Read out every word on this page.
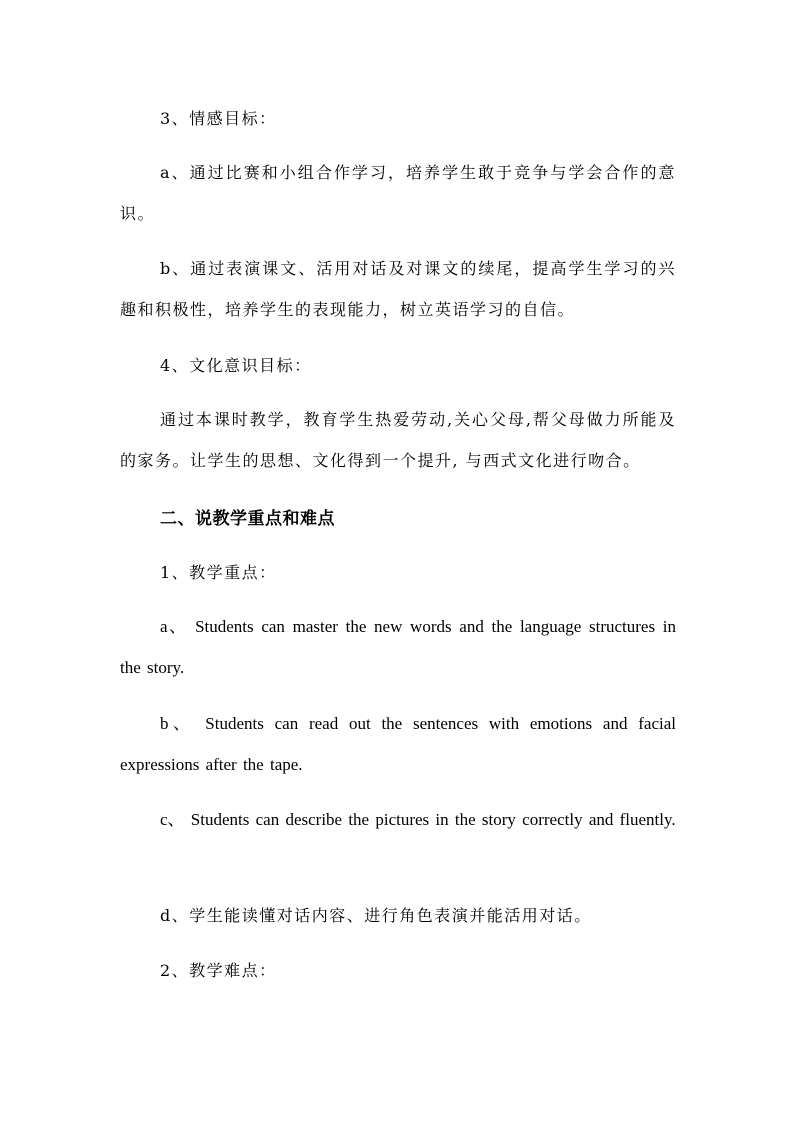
3、情感目标：

a、通过比赛和小组合作学习，培养学生敢于竞争与学会合作的意识。

b、通过表演课文、活用对话及对课文的续尾，提高学生学习的兴趣和积极性，培养学生的表现能力，树立英语学习的自信。

4、文化意识目标：

通过本课时教学，教育学生热爱劳动,关心父母,帮父母做力所能及的家务。让学生的思想、文化得到一个提升, 与西式文化进行吻合。

二、说教学重点和难点

1、教学重点：

a、 Students can master the new words and the language structures in the story.

b、 Students can read out the sentences with emotions and facial expressions after the tape.

c、 Students can describe the pictures in the story correctly and fluently.

d、学生能读懂对话内容、进行角色表演并能活用对话。

2、教学难点：
